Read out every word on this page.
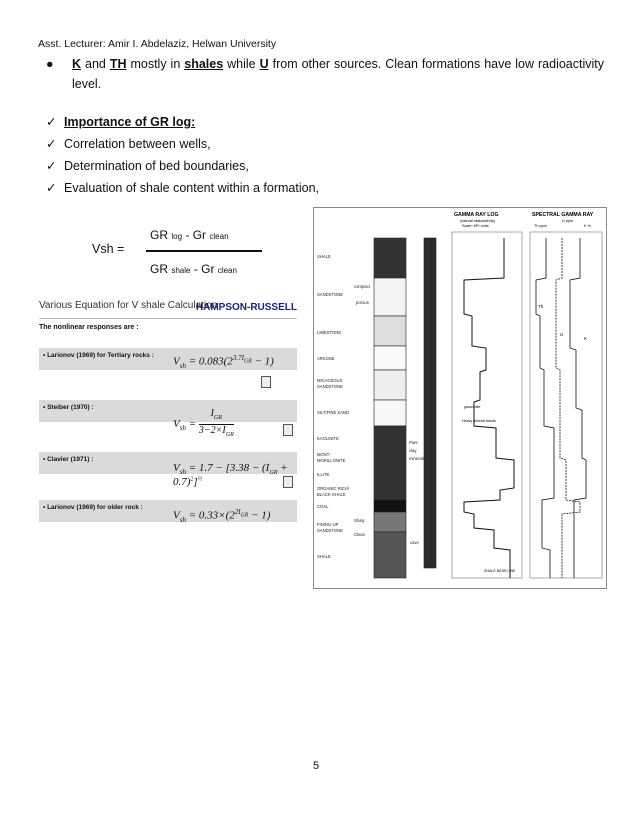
Asst. Lecturer: Amir I. Abdelaziz, Helwan University
● K and TH mostly in shales while U from other sources. Clean formations have low radioactivity level.
✓ Importance of GR log:
✓ Correlation between wells,
✓ Determination of bed boundaries,
✓ Evaluation of shale content within a formation,
Vsh =
GR log - Gr clean
GR shale - Gr clean
Various Equation for V shale Calculation
HAMPSON-RUSSELL
The nonlinear responses are :
• Larionov (1969) for Tertiary rocks :
$V_{sh} = 0.083(2^{3.7I_{GR}} - 1)$
• Steiber (1970) :
$V_{sh}$ =
$I_{GR}$
$3-2\times I_{GR}$
• Clavier (1971) :
$V_{sh} = 1.7 - [3.38 - (I_{GR} + 0.7)^2]^{\frac{1}{2}}$
• Larionov (1969) for older rock :
$V_{sh} = 0.33\times(2^{2I_{GR}} - 1)$
SHALE
SANDSTONE
LIMESTONE
ARKOSE
MICACEOUS
SANDSTONE
SILT/FINE SAND
KAOLINITE
MONT-
MORILLONITE
ILLITE
ORGANIC RICH/
BLACK SHALE
COAL
FINING-UP
SANDSTONE
SHALE
compact
porous
Pure
clay
minerals
Shaly
Clean
cave
GAMMA RAY LOG
(natural radioactivity)
Scale: API units
glauconite
Heavy mineral bands
SHALE BASE LINE
SPECTRAL GAMMA RAY
U ppm
Th ppm	K %
Th
U
K
5
